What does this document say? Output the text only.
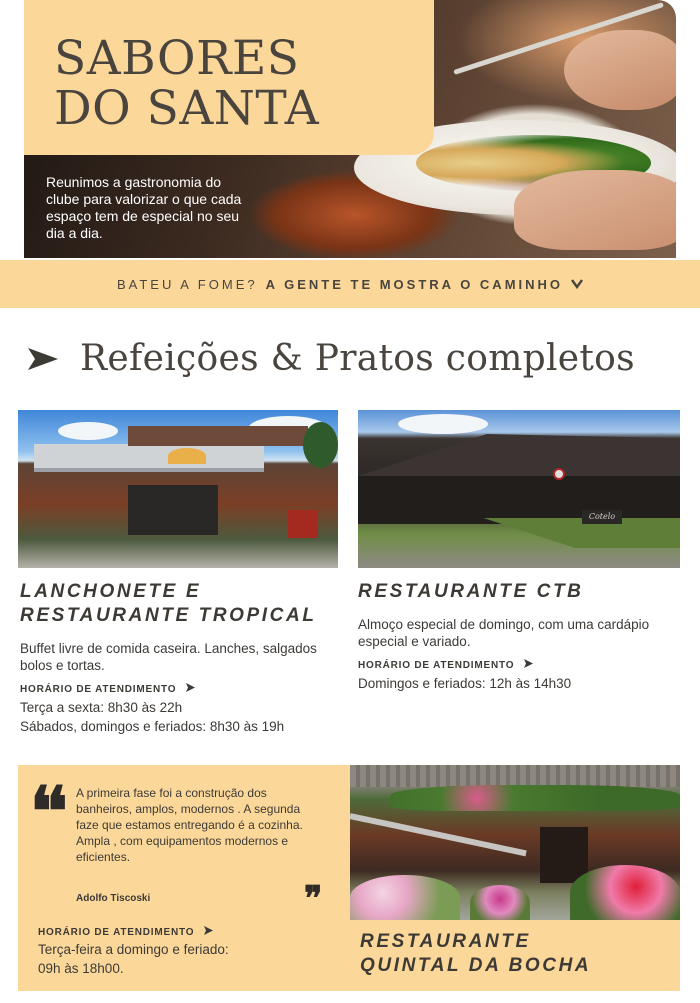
SABORES
DO SANTA
Reunimos a gastronomia do clube para valorizar o que cada espaço tem de especial no seu dia a dia.
BATEU A FOME? A GENTE TE MOSTRA O CAMINHO
Refeições & Pratos completos
LANCHONETE E
RESTAURANTE TROPICAL
Buffet livre de comida caseira. Lanches, salgados bolos e tortas.
HORÁRIO DE ATENDIMENTO
Terça a sexta: 8h30 às 22h
Sábados, domingos e feriados: 8h30 às 19h
Cotelo
RESTAURANTE CTB
Almoço especial de domingo, com uma cardápio especial e variado.
HORÁRIO DE ATENDIMENTO
Domingos e feriados: 12h às 14h30
❛❛ A primeira fase foi a construção dos banheiros, amplos, modernos . A segunda faze que estamos entregando é a cozinha. Ampla , com equipamentos modernos e eficientes.
Adolfo Tiscoski	❞
HORÁRIO DE ATENDIMENTO
Terça-feira a domingo e feriado:
09h às 18h00.
RESTAURANTE
QUINTAL DA BOCHA
